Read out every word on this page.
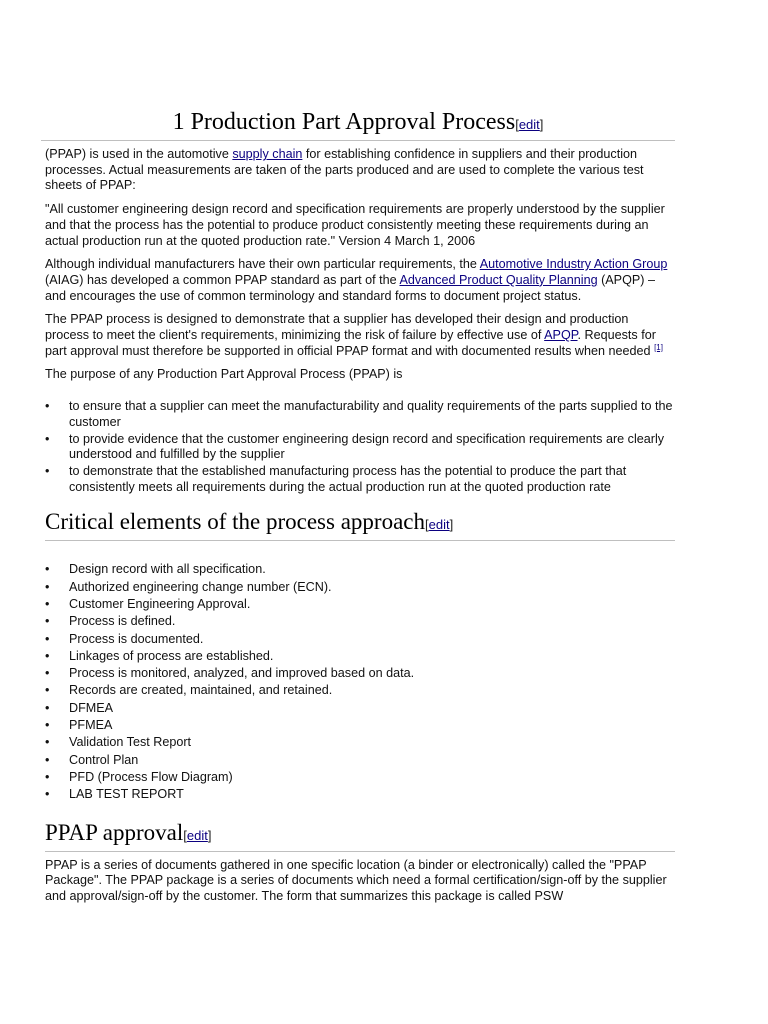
1 Production Part Approval Process[edit]

(PPAP) is used in the automotive supply chain for establishing confidence in suppliers and their production processes. Actual measurements are taken of the parts produced and are used to complete the various test sheets of PPAP:

"All customer engineering design record and specification requirements are properly understood by the supplier and that the process has the potential to produce product consistently meeting these requirements during an actual production run at the quoted production rate." Version 4 March 1, 2006

Although individual manufacturers have their own particular requirements, the Automotive Industry Action Group (AIAG) has developed a common PPAP standard as part of the Advanced Product Quality Planning (APQP) – and encourages the use of common terminology and standard forms to document project status.

The PPAP process is designed to demonstrate that a supplier has developed their design and production process to meet the client's requirements, minimizing the risk of failure by effective use of APQP. Requests for part approval must therefore be supported in official PPAP format and with documented results when needed [1]

The purpose of any Production Part Approval Process (PPAP) is

• to ensure that a supplier can meet the manufacturability and quality requirements of the parts supplied to the customer
• to provide evidence that the customer engineering design record and specification requirements are clearly understood and fulfilled by the supplier
• to demonstrate that the established manufacturing process has the potential to produce the part that consistently meets all requirements during the actual production run at the quoted production rate
Critical elements of the process approach[edit]
• Design record with all specification.
• Authorized engineering change number (ECN).
• Customer Engineering Approval.
• Process is defined.
• Process is documented.
• Linkages of process are established.
• Process is monitored, analyzed, and improved based on data.
• Records are created, maintained, and retained.
• DFMEA
• PFMEA
• Validation Test Report
• Control Plan
• PFD (Process Flow Diagram)
• LAB TEST REPORT
PPAP approval[edit]

PPAP is a series of documents gathered in one specific location (a binder or electronically) called the "PPAP Package". The PPAP package is a series of documents which need a formal certification/sign-off by the supplier and approval/sign-off by the customer. The form that summarizes this package is called PSW
